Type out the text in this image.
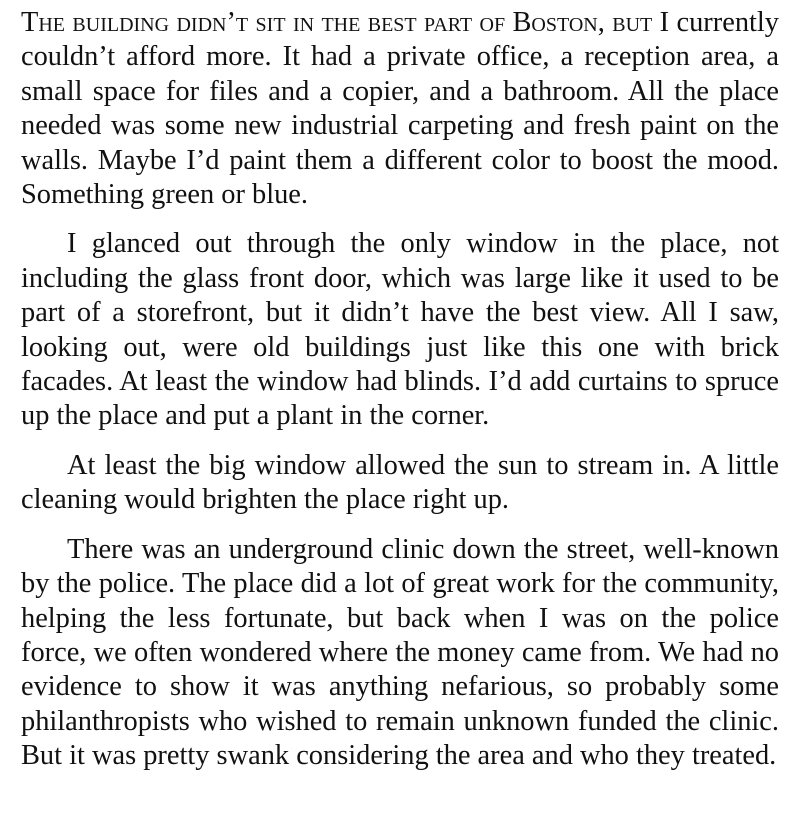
The building didn’t sit in the best part of Boston, but I currently couldn’t afford more. It had a private office, a reception area, a small space for files and a copier, and a bathroom. All the place needed was some new industrial carpeting and fresh paint on the walls. Maybe I’d paint them a different color to boost the mood. Something green or blue.

I glanced out through the only window in the place, not including the glass front door, which was large like it used to be part of a storefront, but it didn’t have the best view. All I saw, looking out, were old buildings just like this one with brick facades. At least the window had blinds. I’d add curtains to spruce up the place and put a plant in the corner.

At least the big window allowed the sun to stream in. A little cleaning would brighten the place right up.

There was an underground clinic down the street, well-known by the police. The place did a lot of great work for the community, helping the less fortunate, but back when I was on the police force, we often wondered where the money came from. We had no evidence to show it was anything nefarious, so probably some philanthropists who wished to remain unknown funded the clinic. But it was pretty swank considering the area and who they treated.
